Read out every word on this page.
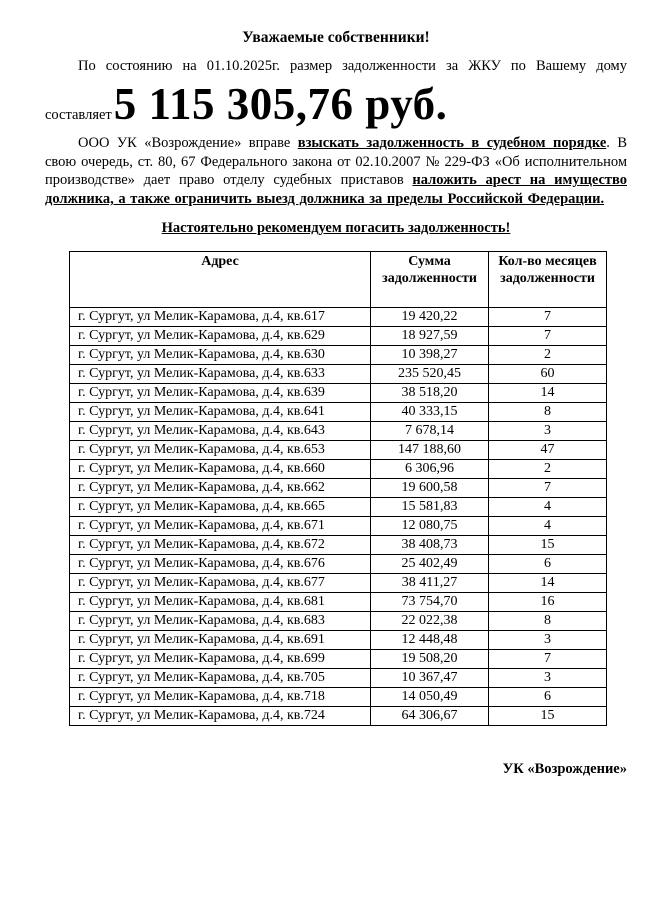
Уважаемые собственники!

По состоянию на 01.10.2025г. размер задолженности за ЖКУ по Вашему дому

составляет5 115 305,76 руб.

ООО УК «Возрождение» вправе взыскать задолженность в судебном порядке. В свою очередь, ст. 80, 67 Федерального закона от 02.10.2007 № 229-ФЗ «Об исполнительном производстве» дает право отделу судебных приставов наложить арест на имущество должника, а также ограничить выезд должника за пределы Российской Федерации.

Настоятельно рекомендуем погасить задолженность!
Адрес	Сумма задолженности	Кол-во месяцев задолженности
г. Сургут, ул Мелик-Карамова, д.4, кв.617	19 420,22	7
г. Сургут, ул Мелик-Карамова, д.4, кв.629	18 927,59	7
г. Сургут, ул Мелик-Карамова, д.4, кв.630	10 398,27	2
г. Сургут, ул Мелик-Карамова, д.4, кв.633	235 520,45	60
г. Сургут, ул Мелик-Карамова, д.4, кв.639	38 518,20	14
г. Сургут, ул Мелик-Карамова, д.4, кв.641	40 333,15	8
г. Сургут, ул Мелик-Карамова, д.4, кв.643	7 678,14	3
г. Сургут, ул Мелик-Карамова, д.4, кв.653	147 188,60	47
г. Сургут, ул Мелик-Карамова, д.4, кв.660	6 306,96	2
г. Сургут, ул Мелик-Карамова, д.4, кв.662	19 600,58	7
г. Сургут, ул Мелик-Карамова, д.4, кв.665	15 581,83	4
г. Сургут, ул Мелик-Карамова, д.4, кв.671	12 080,75	4
г. Сургут, ул Мелик-Карамова, д.4, кв.672	38 408,73	15
г. Сургут, ул Мелик-Карамова, д.4, кв.676	25 402,49	6
г. Сургут, ул Мелик-Карамова, д.4, кв.677	38 411,27	14
г. Сургут, ул Мелик-Карамова, д.4, кв.681	73 754,70	16
г. Сургут, ул Мелик-Карамова, д.4, кв.683	22 022,38	8
г. Сургут, ул Мелик-Карамова, д.4, кв.691	12 448,48	3
г. Сургут, ул Мелик-Карамова, д.4, кв.699	19 508,20	7
г. Сургут, ул Мелик-Карамова, д.4, кв.705	10 367,47	3
г. Сургут, ул Мелик-Карамова, д.4, кв.718	14 050,49	6
г. Сургут, ул Мелик-Карамова, д.4, кв.724	64 306,67	15
УК «Возрождение»
